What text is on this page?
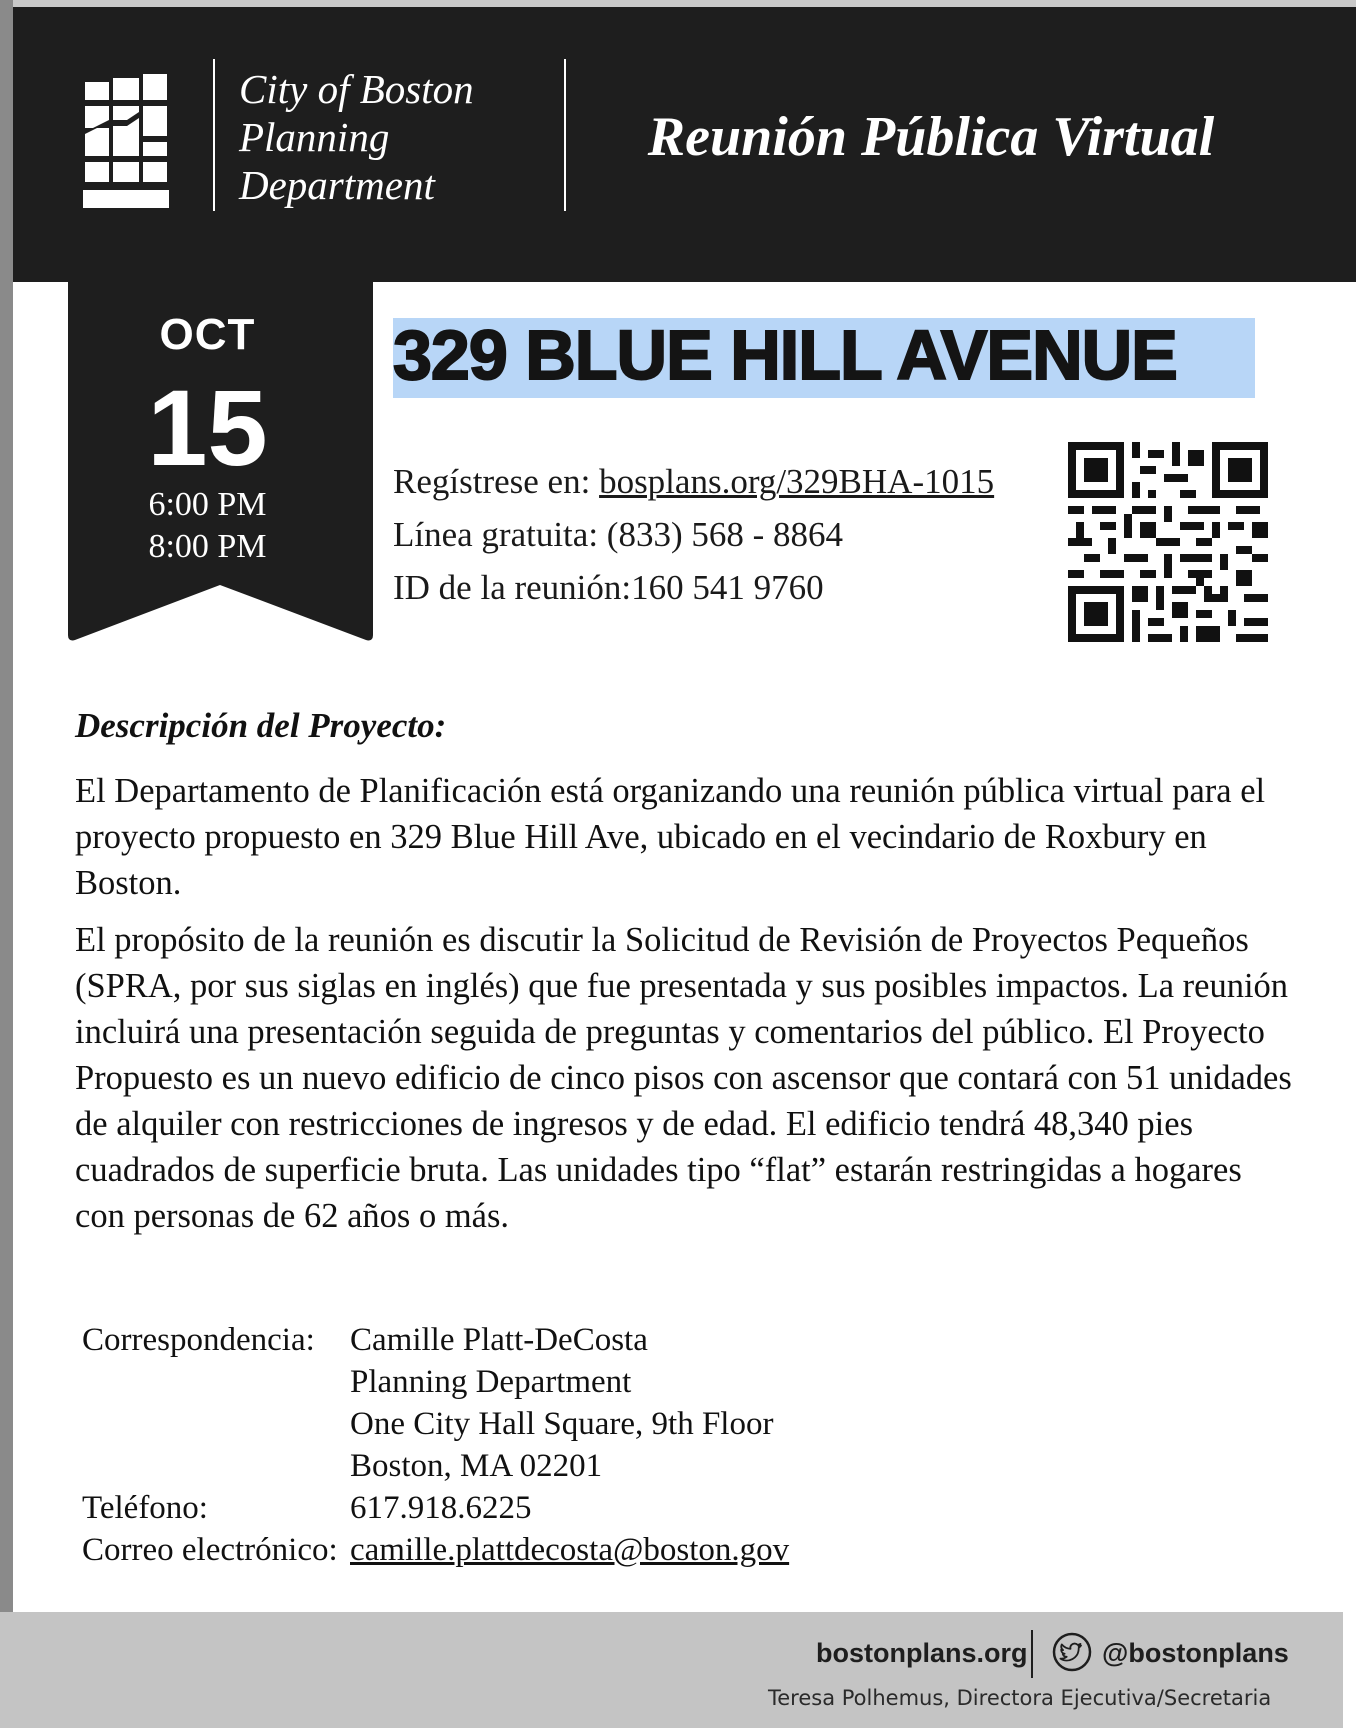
City of Boston
Planning
Department
Reunión Pública Virtual
OCT
15
6:00 PM
8:00 PM
329 BLUE HILL AVENUE
Regístrese en: bosplans.org/329BHA-1015
Línea gratuita: (833) 568 - 8864
ID de la reunión:160 541 9760
Descripción del Proyecto:
El Departamento de Planificación está organizando una reunión pública virtual para el proyecto propuesto en 329 Blue Hill Ave, ubicado en el vecindario de Roxbury en Boston.
El propósito de la reunión es discutir la Solicitud de Revisión de Proyectos Pequeños (SPRA, por sus siglas en inglés) que fue presentada y sus posibles impactos. La reunión incluirá una presentación seguida de preguntas y comentarios del público. El Proyecto Propuesto es un nuevo edificio de cinco pisos con ascensor que contará con 51 unidades de alquiler con restricciones de ingresos y de edad. El edificio tendrá 48,340 pies cuadrados de superficie bruta. Las unidades tipo “flat” estarán restringidas a hogares con personas de 62 años o más.
Correspondencia: Camille Platt-DeCosta
Planning Department
One City Hall Square, 9th Floor
Boston, MA 02201
Teléfono:	617.918.6225
Correo electrónico: camille.plattdecosta@boston.gov
bostonplans.org	@bostonplans
Teresa Polhemus, Directora Ejecutiva/Secretaria
